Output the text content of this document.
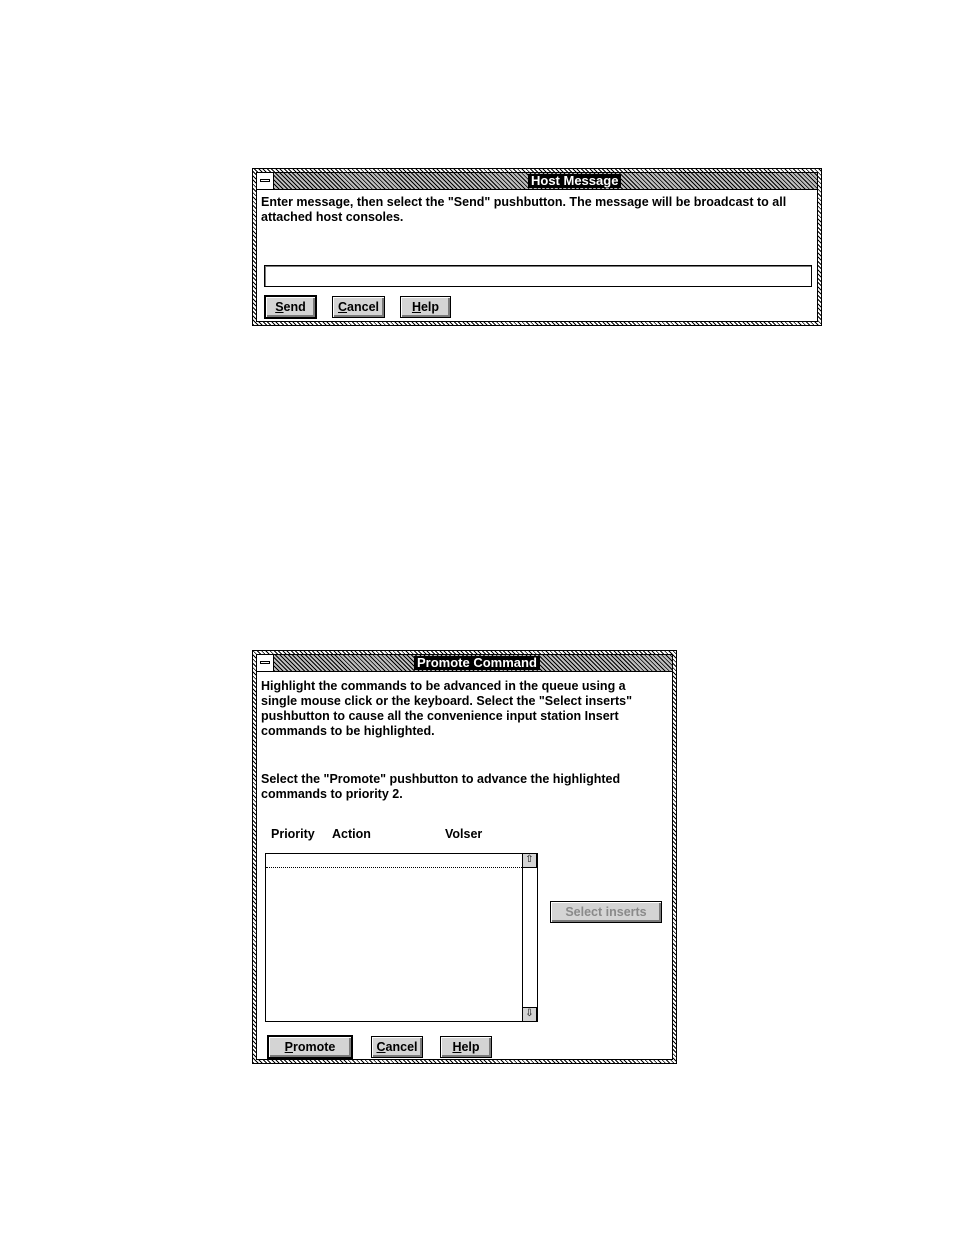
Host Message
Enter message, then select the "Send" pushbutton. The message will be broadcast to all
attached host consoles.
Send	Cancel	Help
Promote Command
Highlight the commands to be advanced in the queue using a
single mouse click or the keyboard. Select the "Select inserts"
pushbutton to cause all the convenience input station Insert
commands to be highlighted.
Select the "Promote" pushbutton to advance the highlighted
commands to priority 2.
Priority Action	Volser
⇧
⇩
Select inserts
Promote	Cancel	Help
